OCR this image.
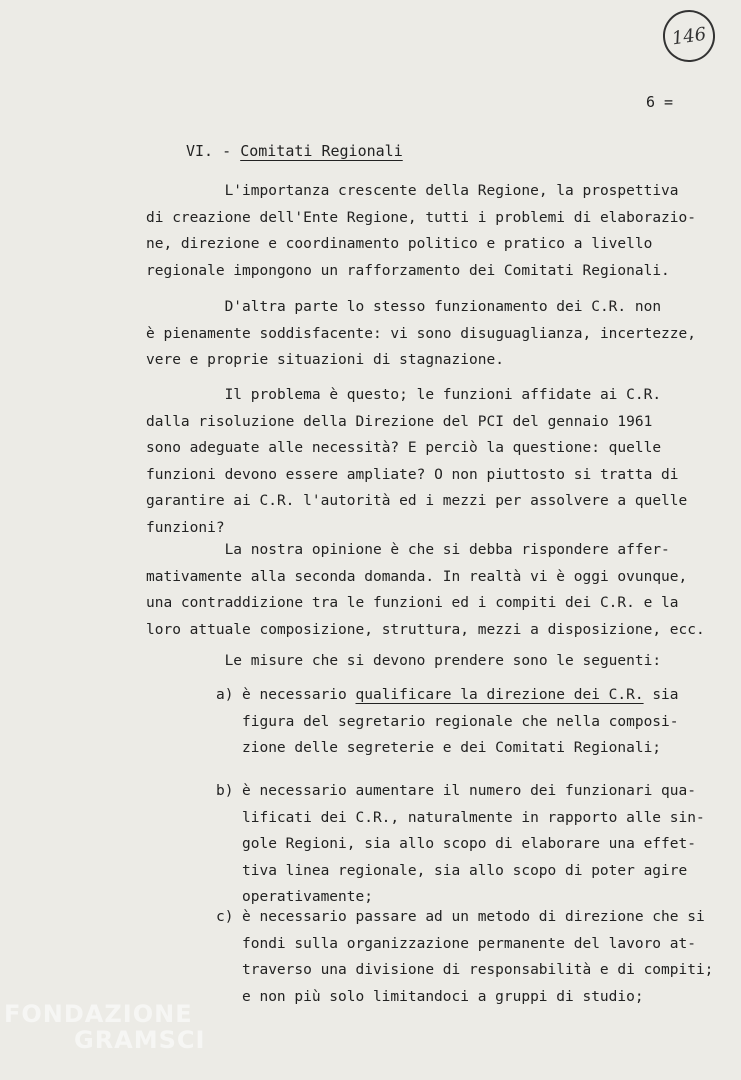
146
6 =
VI. - Comitati Regionali
L'importanza crescente della Regione, la prospettiva
di creazione dell'Ente Regione, tutti i problemi di elaborazio-
ne, direzione e coordinamento politico e pratico a livello
regionale impongono un rafforzamento dei Comitati Regionali.
D'altra parte lo stesso funzionamento dei C.R. non
è pienamente soddisfacente: vi sono disuguaglianza, incertezze,
vere e proprie situazioni di stagnazione.
Il problema è questo; le funzioni affidate ai C.R.
dalla risoluzione della Direzione del PCI del gennaio 1961
sono adeguate alle necessità? E perciò la questione: quelle
funzioni devono essere ampliate? O non piuttosto si tratta di
garantire ai C.R. l'autorità ed i mezzi per assolvere a quelle
funzioni?
La nostra opinione è che si debba rispondere affer-
mativamente alla seconda domanda. In realtà vi è oggi ovunque,
una contraddizione tra le funzioni ed i compiti dei C.R. e la
loro attuale composizione, struttura, mezzi a disposizione, ecc.
Le misure che si devono prendere sono le seguenti:
a) è necessario qualificare la direzione dei C.R. sia
figura del segretario regionale che nella composi-
zione delle segreterie e dei Comitati Regionali;
b) è necessario aumentare il numero dei funzionari qua-
lificati dei C.R., naturalmente in rapporto alle sin-
gole Regioni, sia allo scopo di elaborare una effet-
tiva linea regionale, sia allo scopo di poter agire
operativamente;
c) è necessario passare ad un metodo di direzione che si
fondi sulla organizzazione permanente del lavoro at-
traverso una divisione di responsabilità e di compiti;
e non più solo limitandoci a gruppi di studio;
FONDAZIONE
GRAMSCI
